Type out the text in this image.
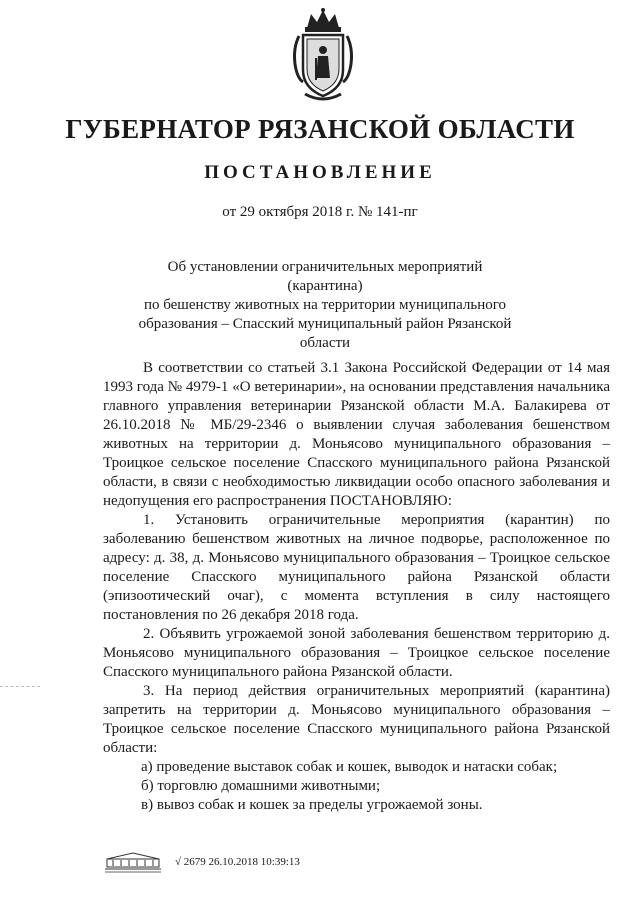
ГУБЕРНАТОР РЯЗАНСКОЙ ОБЛАСТИ
ПОСТАНОВЛЕНИЕ
от 29 октября 2018 г. № 141-пг
Об установлении ограничительных мероприятий (карантина)
по бешенству животных на территории муниципального
образования – Спасский муниципальный район Рязанской области

В соответствии со статьей 3.1 Закона Российской Федерации от 14 мая 1993 года № 4979-1 «О ветеринарии», на основании представления начальника главного управления ветеринарии Рязанской области М.А. Балакирева от 26.10.2018 № МБ/29-2346 о выявлении случая заболевания бешенством животных на территории д. Моньясово муниципального образования – Троицкое сельское поселение Спасского муниципального района Рязанской области, в связи с необходимостью ликвидации особо опасного заболевания и недопущения его распространения ПОСТАНОВЛЯЮ:

1. Установить ограничительные мероприятия (карантин) по заболеванию бешенством животных на личное подворье, расположенное по адресу: д. 38, д. Моньясово муниципального образования – Троицкое сельское поселение Спасского муниципального района Рязанской области (эпизоотический очаг), с момента вступления в силу настоящего постановления по 26 декабря 2018 года.

2. Объявить угрожаемой зоной заболевания бешенством территорию д. Моньясово муниципального образования – Троицкое сельское поселение Спасского муниципального района Рязанской области.

3. На период действия ограничительных мероприятий (карантина) запретить на территории д. Моньясово муниципального образования – Троицкое сельское поселение Спасского муниципального района Рязанской области:

а) проведение выставок собак и кошек, выводок и натаски собак;

б) торговлю домашними животными;

в) вывоз собак и кошек за пределы угрожаемой зоны.

√ 2679 26.10.2018 10:39:13
